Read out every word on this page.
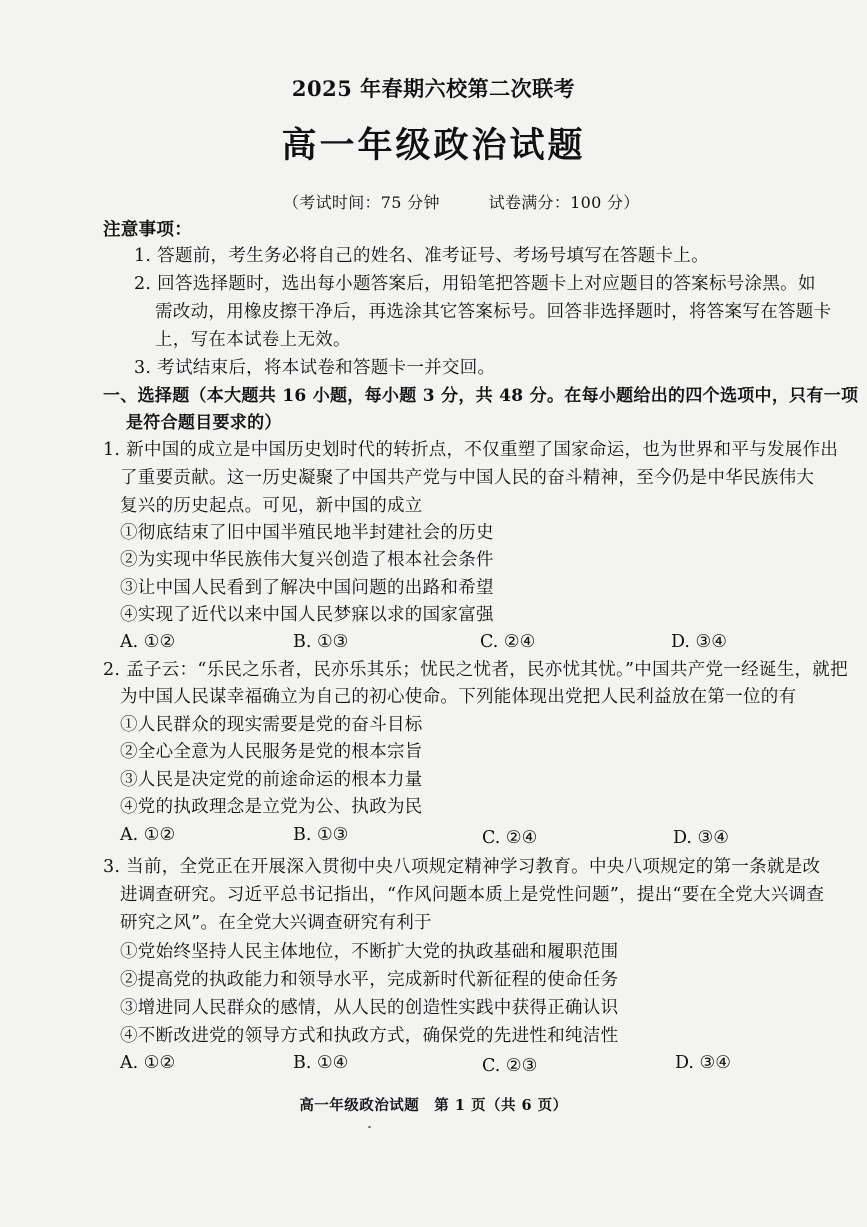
2025 年春期六校第二次联考
高一年级政治试题
（考试时间：75 分钟　　　试卷满分：100 分）
注意事项：
1. 答题前，考生务必将自己的姓名、准考证号、考场号填写在答题卡上。
2. 回答选择题时，选出每小题答案后，用铅笔把答题卡上对应题目的答案标号涂黑。如
需改动，用橡皮擦干净后，再选涂其它答案标号。回答非选择题时，将答案写在答题卡
上，写在本试卷上无效。
3. 考试结束后，将本试卷和答题卡一并交回。
一、选择题（本大题共 16 小题，每小题 3 分，共 48 分。在每小题给出的四个选项中，只有一项
是符合题目要求的）
1. 新中国的成立是中国历史划时代的转折点，不仅重塑了国家命运，也为世界和平与发展作出
了重要贡献。这一历史凝聚了中国共产党与中国人民的奋斗精神，至今仍是中华民族伟大
复兴的历史起点。可见，新中国的成立
①彻底结束了旧中国半殖民地半封建社会的历史
②为实现中华民族伟大复兴创造了根本社会条件
③让中国人民看到了解决中国问题的出路和希望
④实现了近代以来中国人民梦寐以求的国家富强
A. ①②	B. ①③	C. ②④	D. ③④
2. 孟子云：“乐民之乐者，民亦乐其乐；忧民之忧者，民亦忧其忧。”中国共产党一经诞生，就把
为中国人民谋幸福确立为自己的初心使命。下列能体现出党把人民利益放在第一位的有
①人民群众的现实需要是党的奋斗目标
②全心全意为人民服务是党的根本宗旨
③人民是决定党的前途命运的根本力量
④党的执政理念是立党为公、执政为民
A. ①②	B. ①③	C. ②④	D. ③④
3. 当前，全党正在开展深入贯彻中央八项规定精神学习教育。中央八项规定的第一条就是改
进调查研究。习近平总书记指出，“作风问题本质上是党性问题”，提出“要在全党大兴调查
研究之风”。在全党大兴调查研究有利于
①党始终坚持人民主体地位，不断扩大党的执政基础和履职范围
②提高党的执政能力和领导水平，完成新时代新征程的使命任务
③增进同人民群众的感情，从人民的创造性实践中获得正确认识
④不断改进党的领导方式和执政方式，确保党的先进性和纯洁性
A. ①②	B. ①④	C. ②③	D. ③④
高一年级政治试题　第 1 页（共 6 页）
